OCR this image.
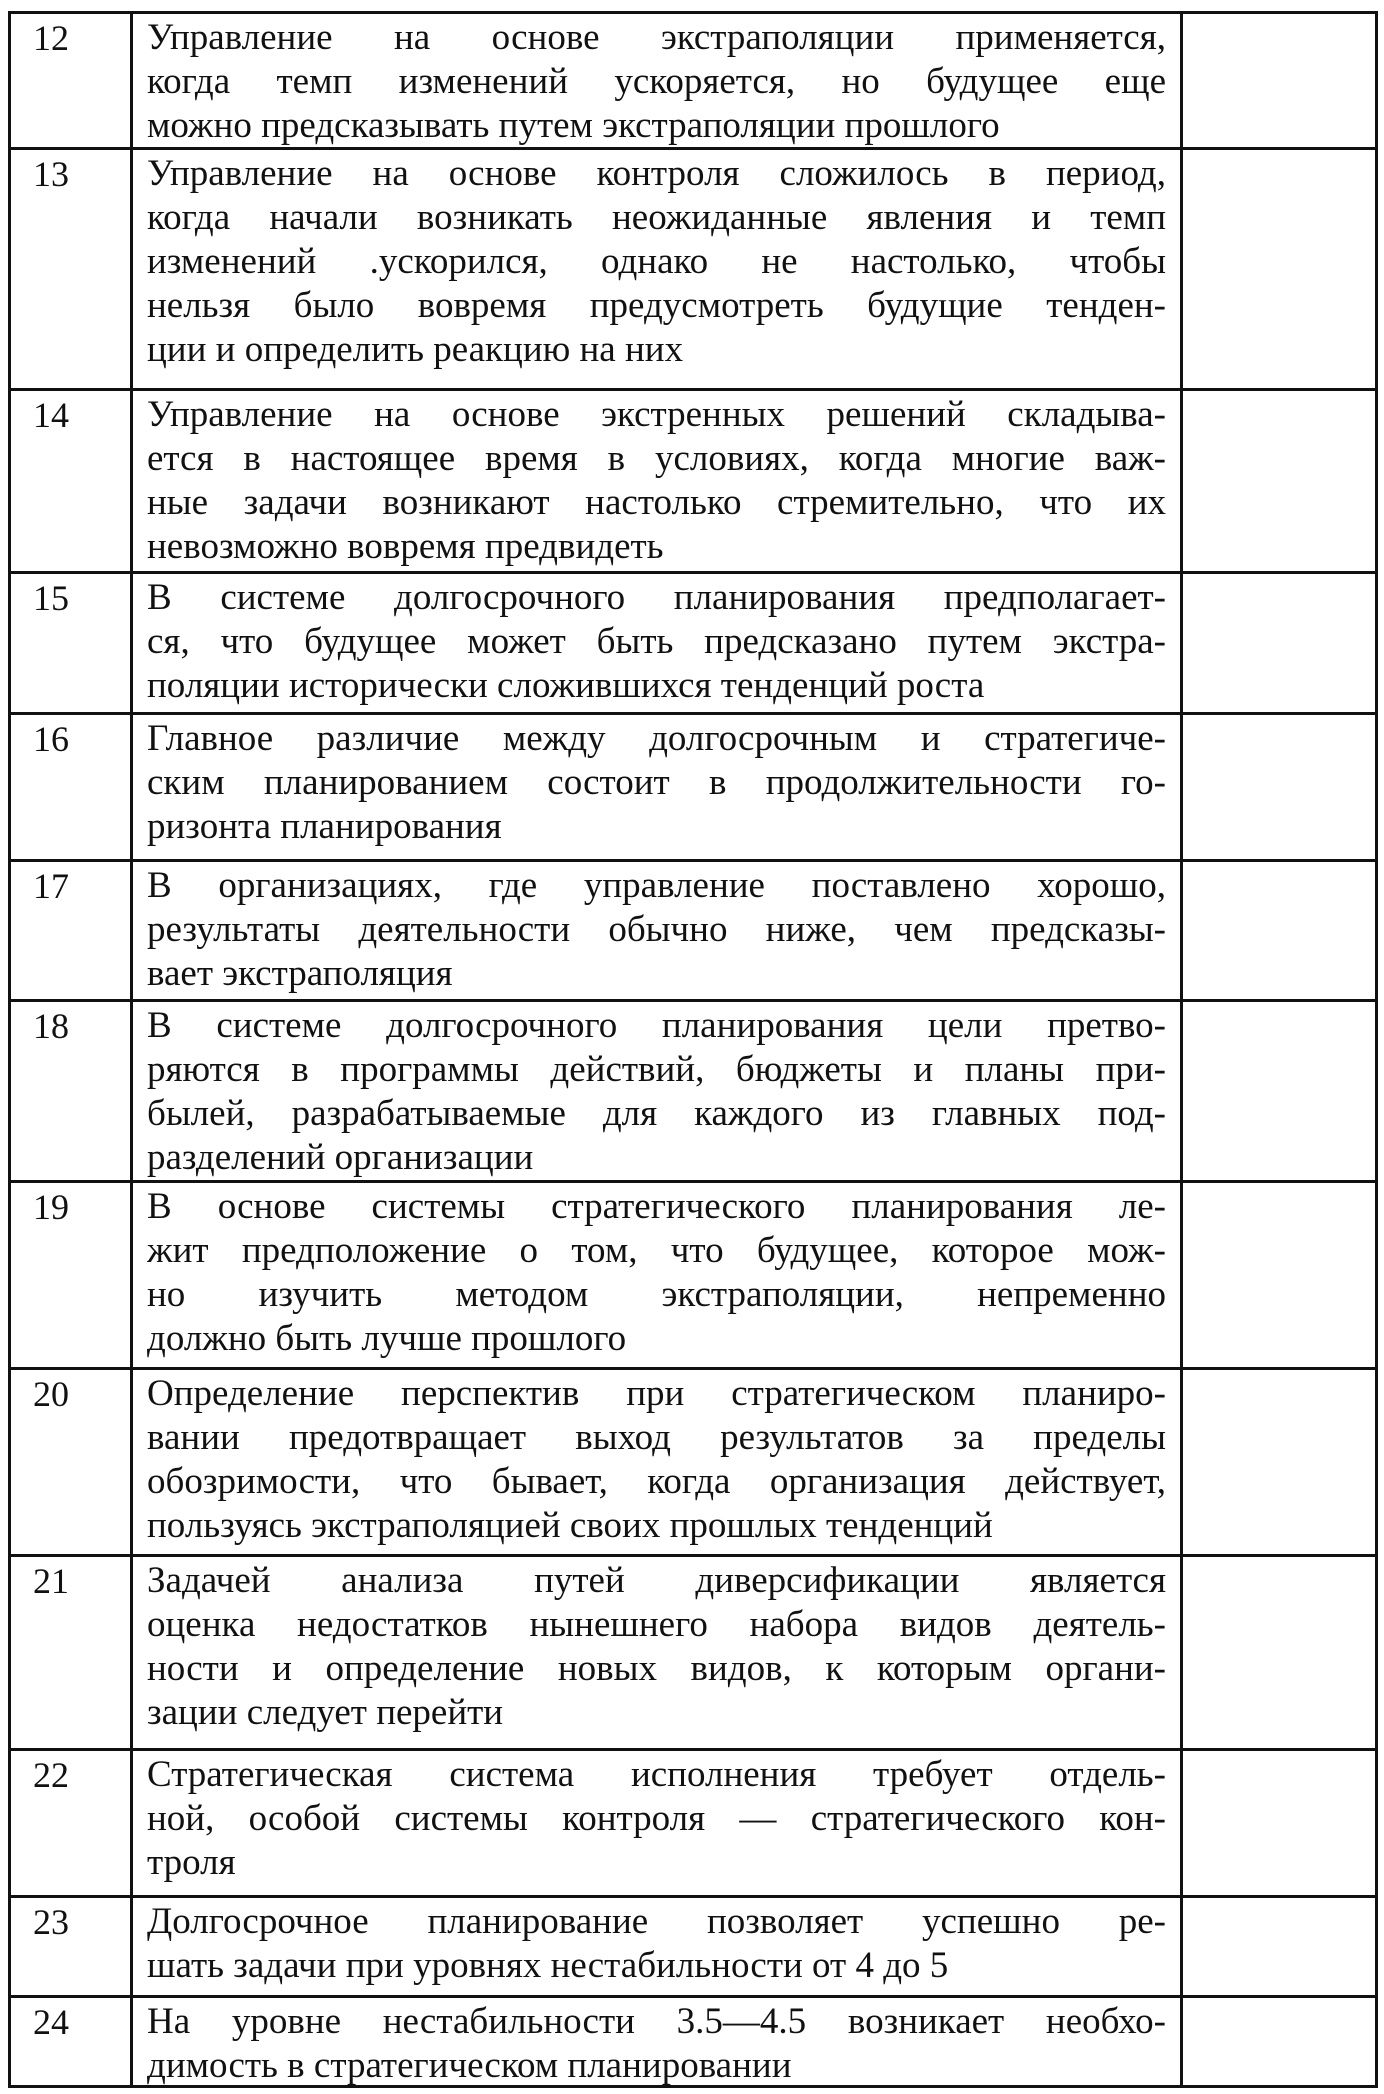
12	Управление на основе экстраполяции применяется,
когда темп изменений ускоряется, но будущее еще
можно предсказывать путем экстраполяции прошлого
13	Управление на основе контроля сложилось в период,
когда начали возникать неожиданные явления и темп
изменений .ускорился, однако не настолько, чтобы
нельзя было вовремя предусмотреть будущие тенден-
ции и определить реакцию на них
14	Управление на основе экстренных решений складыва-
ется в настоящее время в условиях, когда многие важ-
ные задачи возникают настолько стремительно, что их
невозможно вовремя предвидеть
15	В системе долгосрочного планирования предполагает-
ся, что будущее может быть предсказано путем экстра-
поляции исторически сложившихся тенденций роста
16	Главное различие между долгосрочным и стратегиче-
ским планированием состоит в продолжительности го-
ризонта планирования
17	В организациях, где управление поставлено хорошо,
результаты деятельности обычно ниже, чем предсказы-
вает экстраполяция
18	В системе долгосрочного планирования цели претво-
ряются в программы действий, бюджеты и планы при-
былей, разрабатываемые для каждого из главных под-
разделений организации
19	В основе системы стратегического планирования ле-
жит предположение о том, что будущее, которое мож-
но изучить методом экстраполяции, непременно
должно быть лучше прошлого
20	Определение перспектив при стратегическом планиро-
вании предотвращает выход результатов за пределы
обозримости, что бывает, когда организация действует,
пользуясь экстраполяцией своих прошлых тенденций
21	Задачей анализа путей диверсификации является
оценка недостатков нынешнего набора видов деятель-
ности и определение новых видов, к которым органи-
зации следует перейти
22	Стратегическая система исполнения требует отдель-
ной, особой системы контроля — стратегического кон-
троля
23	Долгосрочное планирование позволяет успешно ре-
шать задачи при уровнях нестабильности от 4 до 5
24	На уровне нестабильности 3.5—4.5 возникает необхо-
димость в стратегическом планировании
